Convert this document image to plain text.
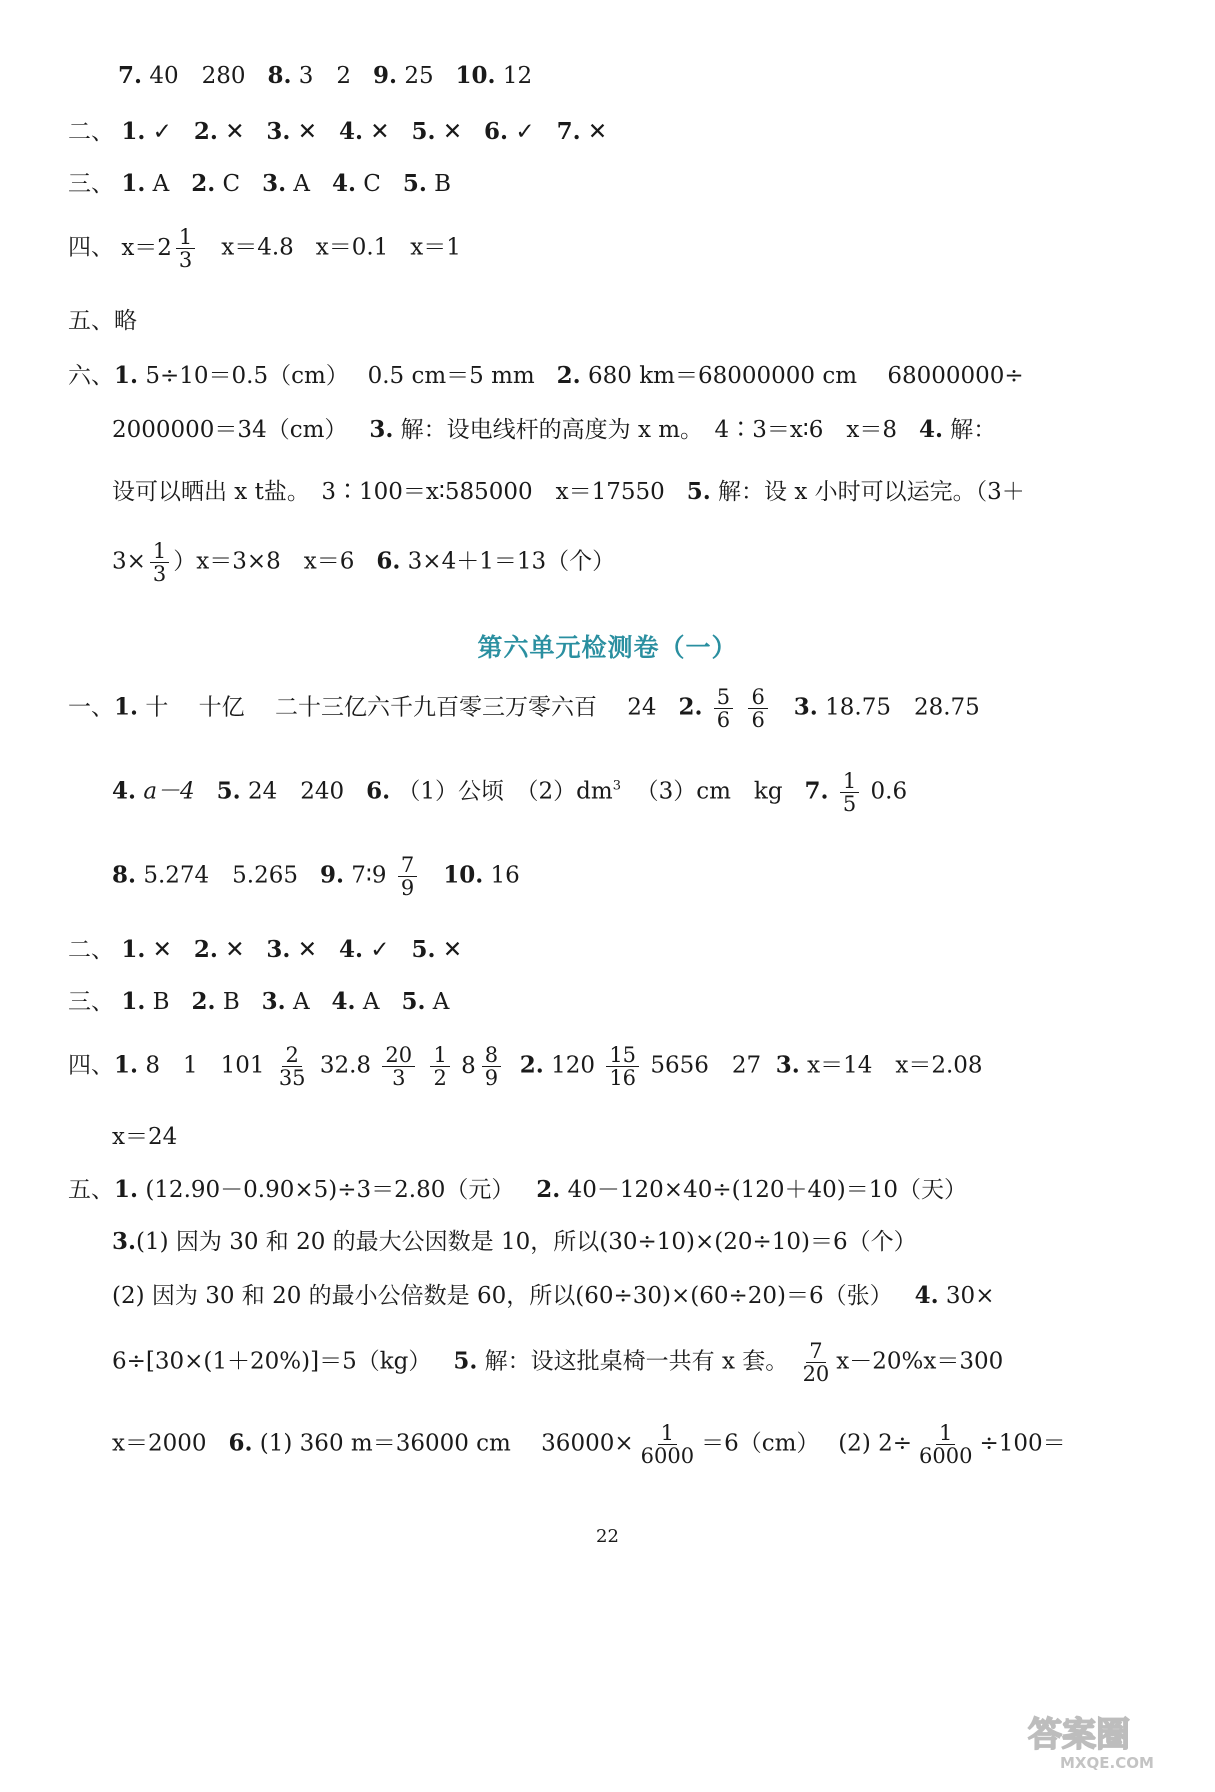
7. 40　280 8. 3　2 9. 25 10. 12
二、 1. ✓ 2. ✕ 3. ✕ 4. ✕ 5. ✕ 6. ✓ 7. ✕
三、 1. A 2. C 3. A 4. C 5. B
四、 $x=2 \frac{1}{3} x=4.8$ x＝0.1 x＝1
五、略
六、1. 5÷10＝0.5（cm）　 0.5 cm＝5 mm 2. 680 km＝68000000 cm　 68000000÷
2000000＝34（cm） 3. 解：设电线杆的高度为 x m。　4∶3＝x∶6　x＝8 4. 解：
设可以晒出 x t盐。　3∶100＝x∶585000　x＝17550 5. 解：设 x 小时可以运完。（3＋
$3\times \frac{1}{3} )x=3\times 8$　x＝6 6. 3×4＋1＝13（个）
第六单元检测卷（一）
一、1. 十　 十亿　 二十三亿六千九百零三万零六百　 24 2. $\frac{5}{6}$
$\frac{6}{6} 3$. 18.75　28.75
4. a－4 5. 24　240 6. （1）公顷　$(2)dm^3$ （3）cm　kg 7. $\frac{1}{5} 0.6$
8. 5.274　5.265 9. 7∶9 $\frac{7}{9} 10$. 16
二、 1. ✕ 2. ✕ 3. ✕ 4. ✓ 5. ✕
三、 1. B 2. B 3. A 4. A 5. A
四、1. 8　1　$101 \frac{2}{35} 32.8 \frac{20}{3}$
$\frac{1}{2}$
$8 \frac{8}{9} 2$. $120 \frac{15}{16} 5656$　27 3. x＝14　x＝2.08
x＝24
五、1. (12.90－0.90×5)÷3＝2.80（元） 2. 40－120×40÷(120＋40)＝10（天）
3.(1) 因为 30 和 20 的最大公因数是 10，所以(30÷10)×(20÷10)＝6（个）
(2) 因为 30 和 20 的最小公倍数是 60，所以(60÷30)×(60÷20)＝6（张） 4. 30×
6÷[30×(1＋20%)]＝5（kg） 5. 解：设这批桌椅一共有 x 套。 $\frac{7}{20} x-20\%x=300$
x＝2000 6. (1) 360 m＝36000 cm　 $36000\times \frac{1}{6000} =6(cm)$　 (2) $2\div \frac{1}{6000} \div 100=$
22
答案圈
MXQE.COM
